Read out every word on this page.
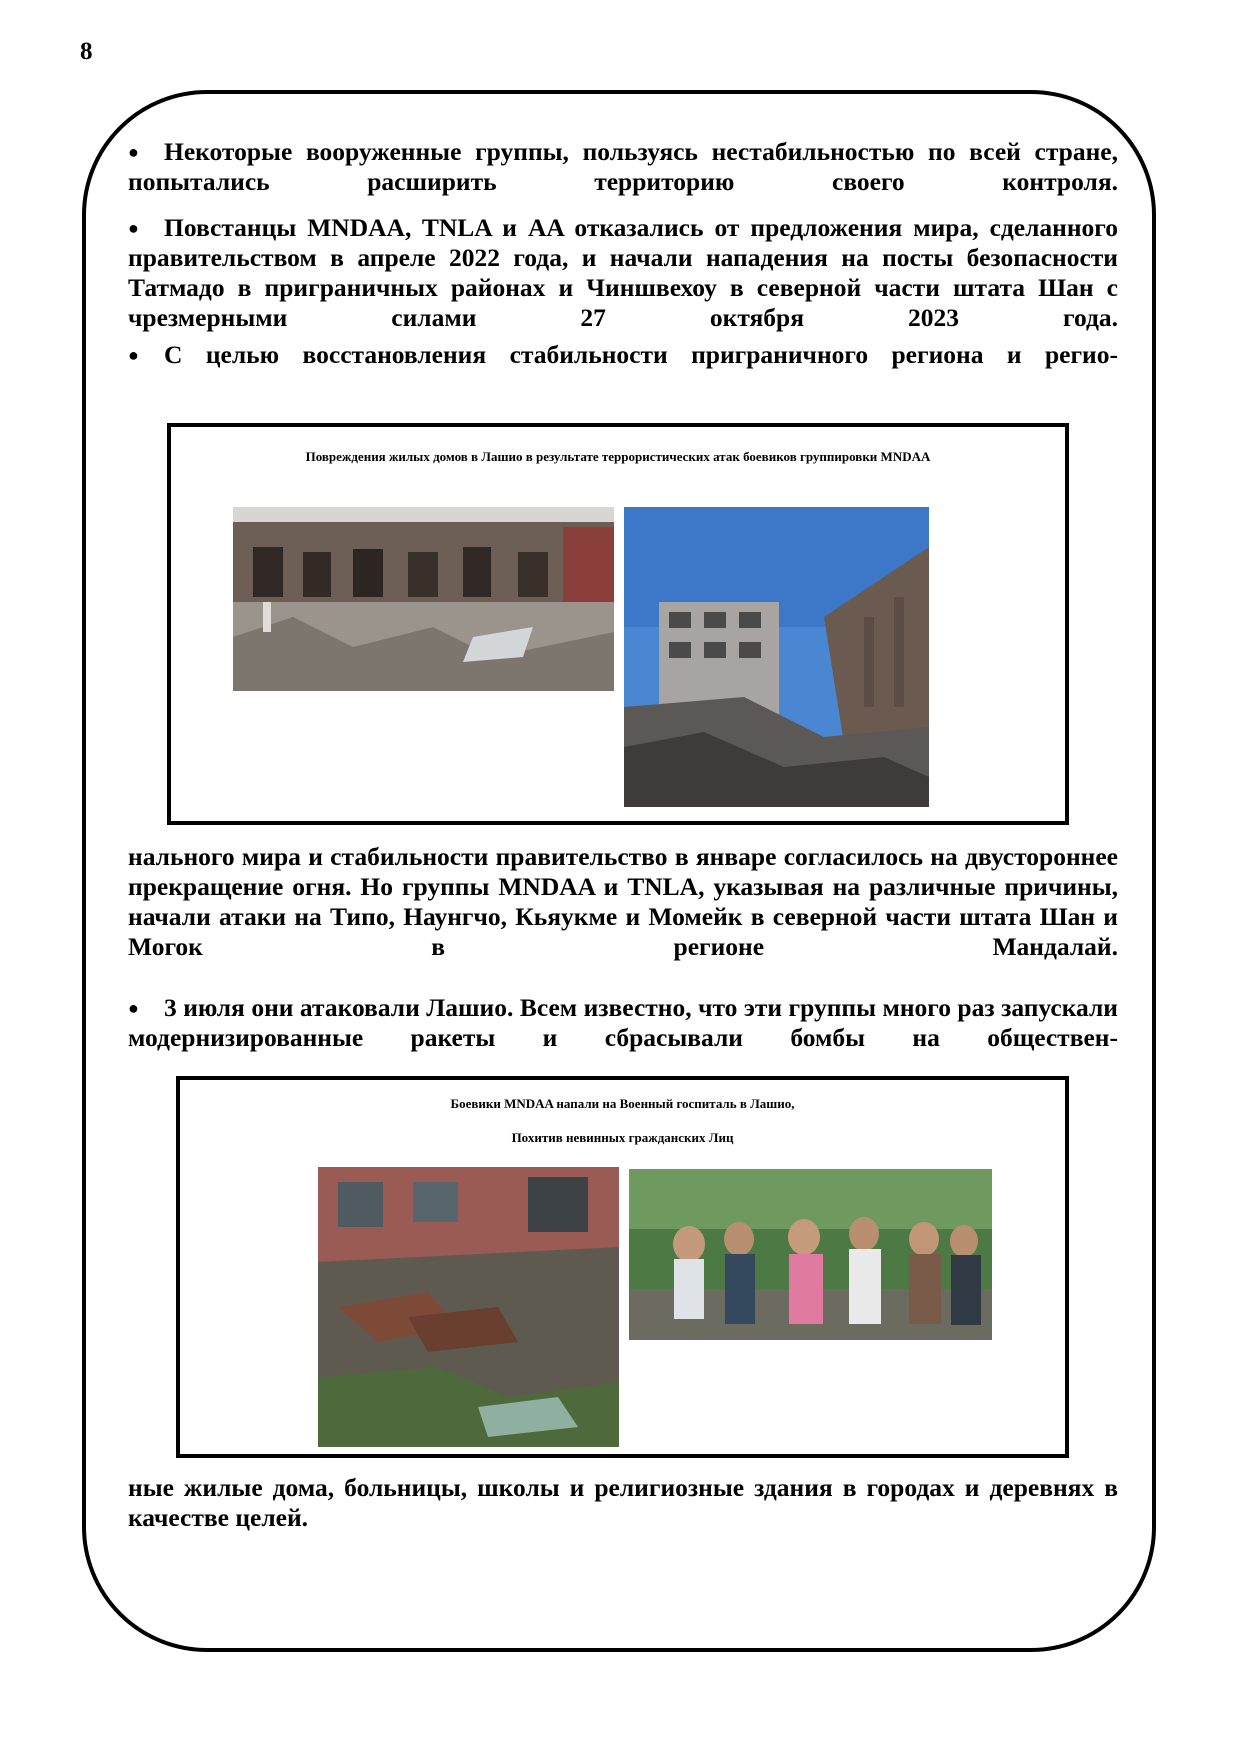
8

● Некоторые вооруженные группы, пользуясь нестабильностью по всей стране, попытались расширить территорию своего контроля.

● Повстанцы MNDAA, TNLA и AA отказались от предложения мира, сделанного правительством в апреле 2022 года, и начали нападения на посты безопасности Татмадо в приграничных районах и Чиншвехоу в северной части штата Шан с чрезмерными силами 27 октября 2023 года.

● С целью восстановления стабильности приграничного региона и регио-

Повреждения жилых домов в Лашио в результате террористических атак боевиков группировки MNDAA

нального мира и стабильности правительство в январе согласилось на двустороннее прекращение огня. Но группы MNDAA и TNLA, указывая на различные причины, начали атаки на Типо, Наунгчо, Кьяукме и Момейк в северной части штата Шан и Могок в регионе Мандалай.

● 3 июля они атаковали Лашио. Всем известно, что эти группы много раз запускали модернизированные ракеты и сбрасывали бомбы на обществен-

Боевики MNDAA напали на Военный госпиталь в Лашио,
Похитив невинных гражданских Лиц

ные жилые дома, больницы, школы и религиозные здания в городах и деревнях в качестве целей.
